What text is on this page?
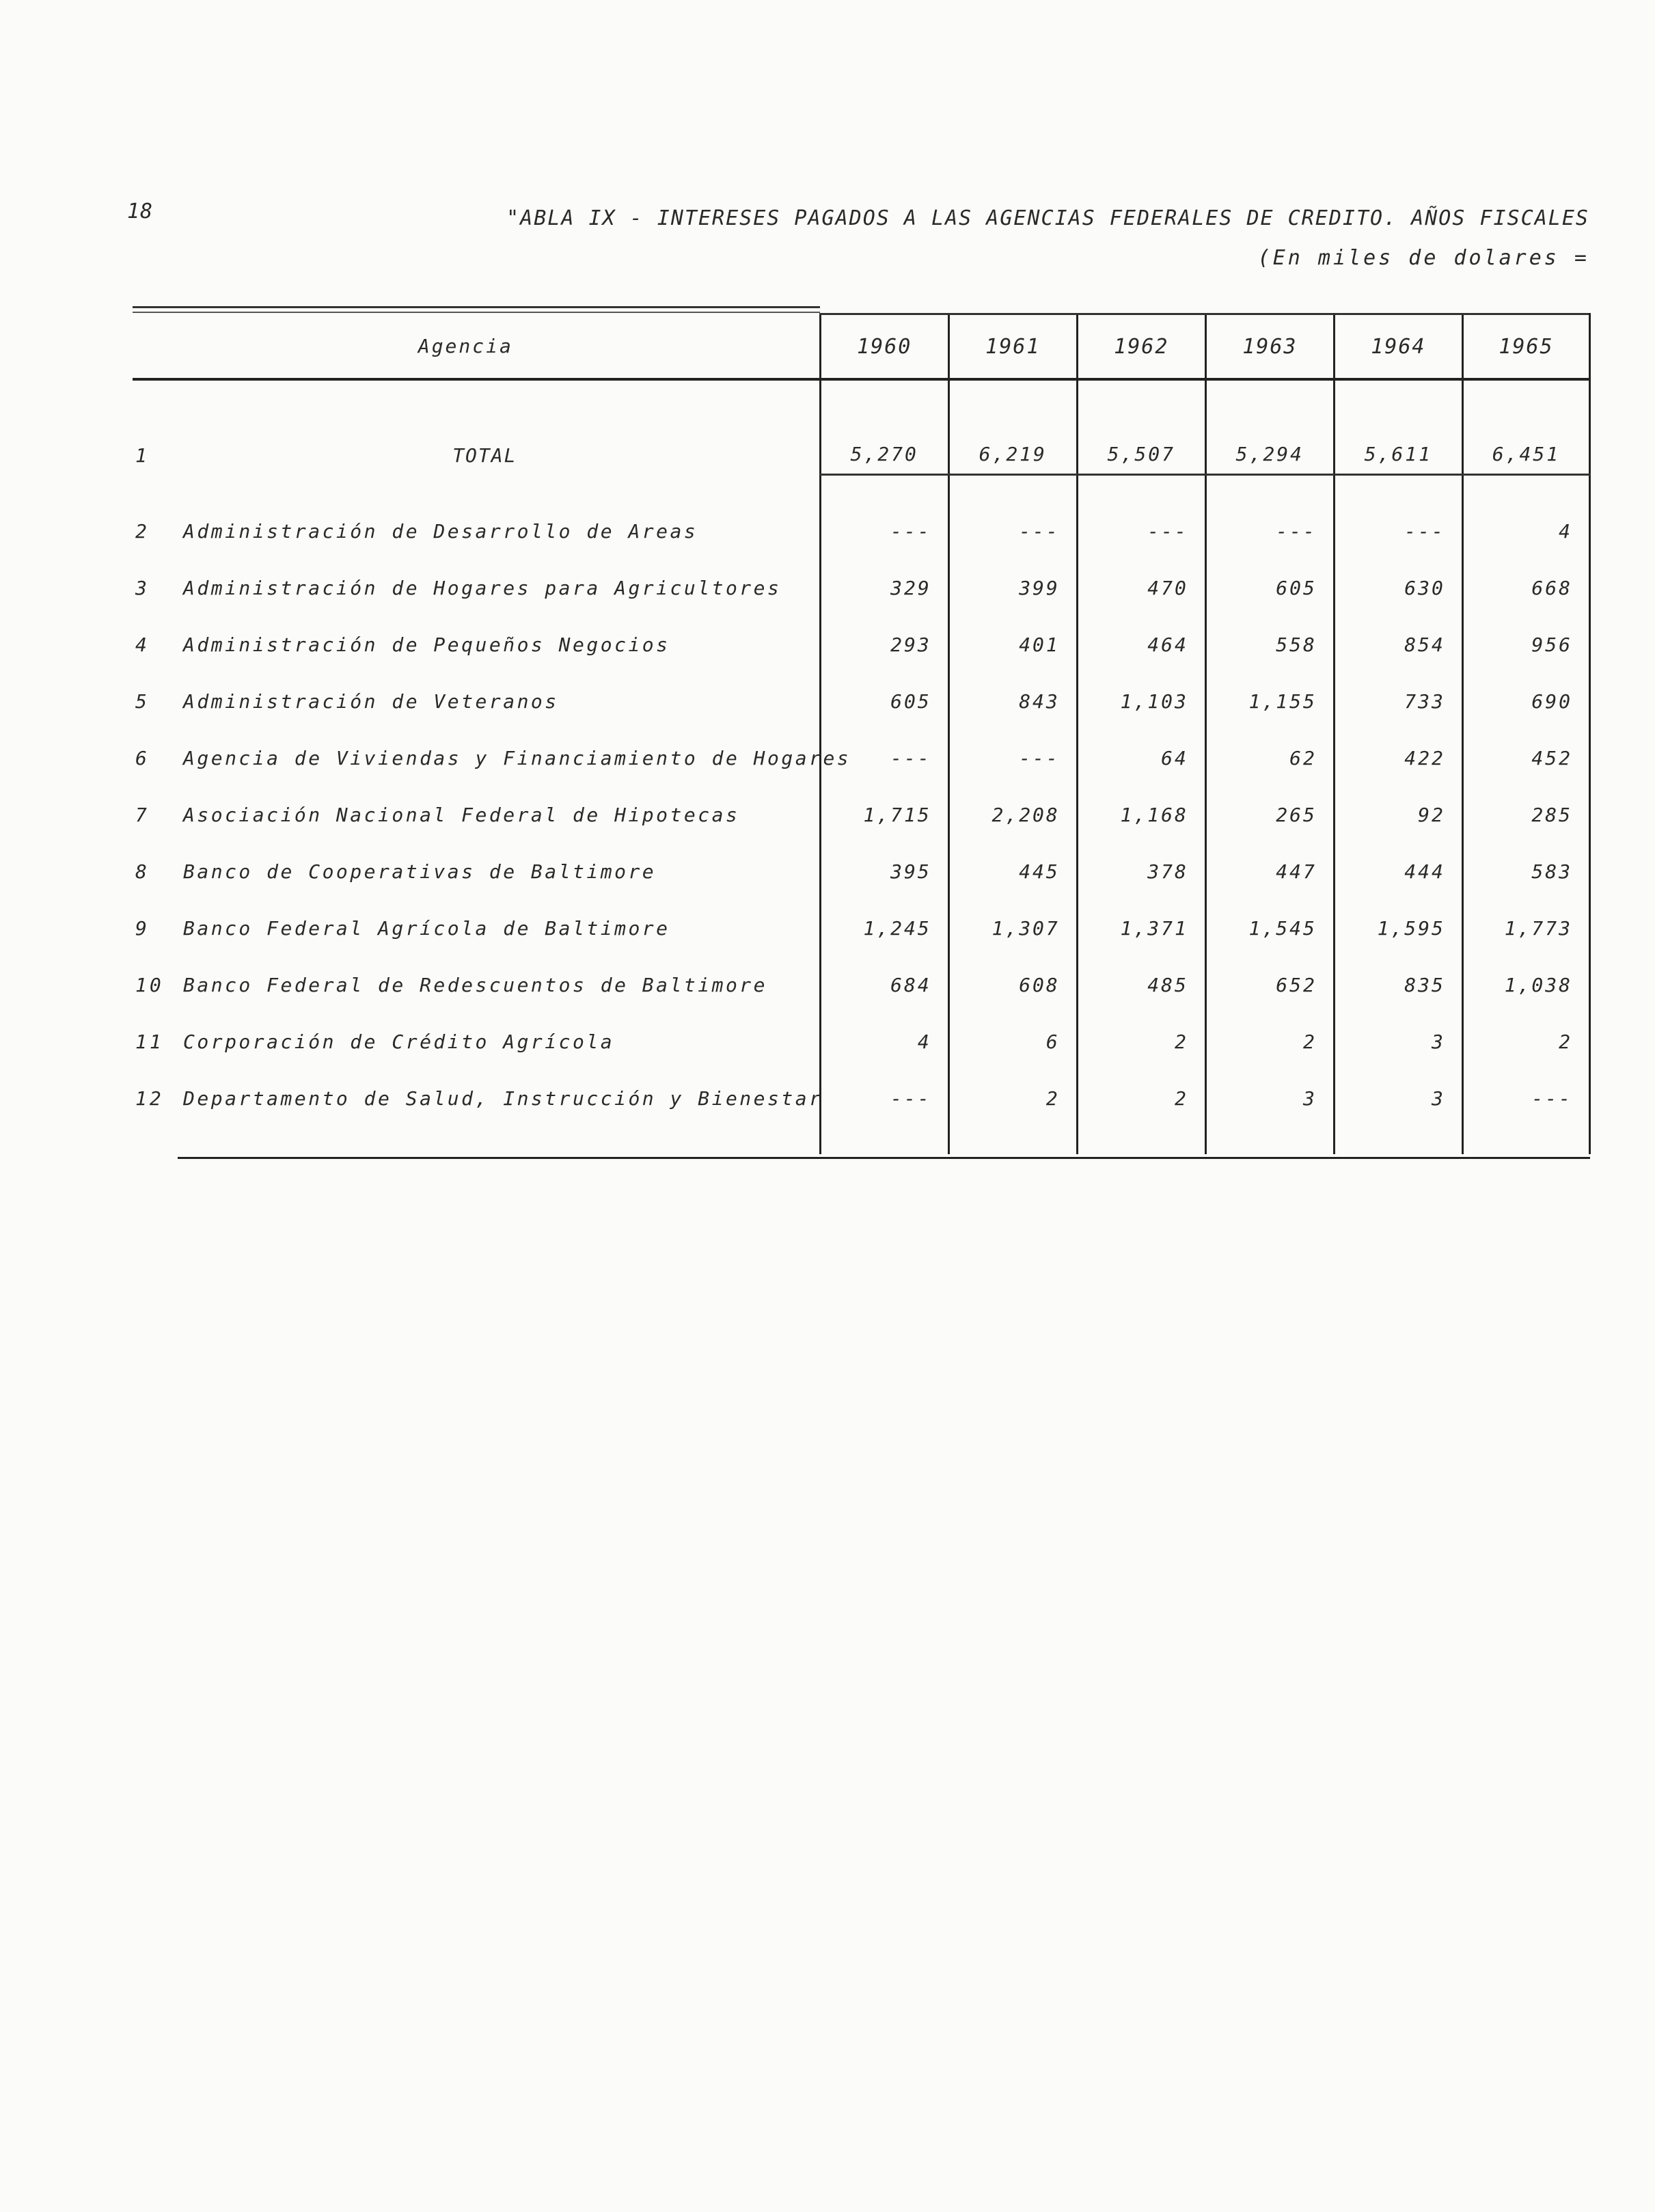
18	"ABLA IX - INTERESES PAGADOS A LAS AGENCIAS FEDERALES DE CREDITO. AÑOS FISCALES
(En miles de dolares =
Agencia		1960	1961	1962	1963	1964	1965
1	TOTAL	5,270	6,219	5,507	5,294	5,611	6,451

2	Administración de Desarrollo de Areas	---	---	---	---	---	4
3	Administración de Hogares para Agricultores	329	399	470	605	630	668
4	Administración de Pequeños Negocios	293	401	464	558	854	956
5	Administración de Veteranos	605	843	1,103	1,155	733	690
6	Agencia de Viviendas y Financiamiento de Hogares	---	---	64	62	422	452
7	Asociación Nacional Federal de Hipotecas	1,715	2,208	1,168	265	92	285
8	Banco de Cooperativas de Baltimore	395	445	378	447	444	583
9	Banco Federal Agrícola de Baltimore	1,245	1,307	1,371	1,545	1,595	1,773
10	Banco Federal de Redescuentos de Baltimore	684	608	485	652	835	1,038
11	Corporación de Crédito Agrícola	4	6	2	2	3	2
12	Departamento de Salud, Instrucción y Bienestar	---	2	2	3	3	---
